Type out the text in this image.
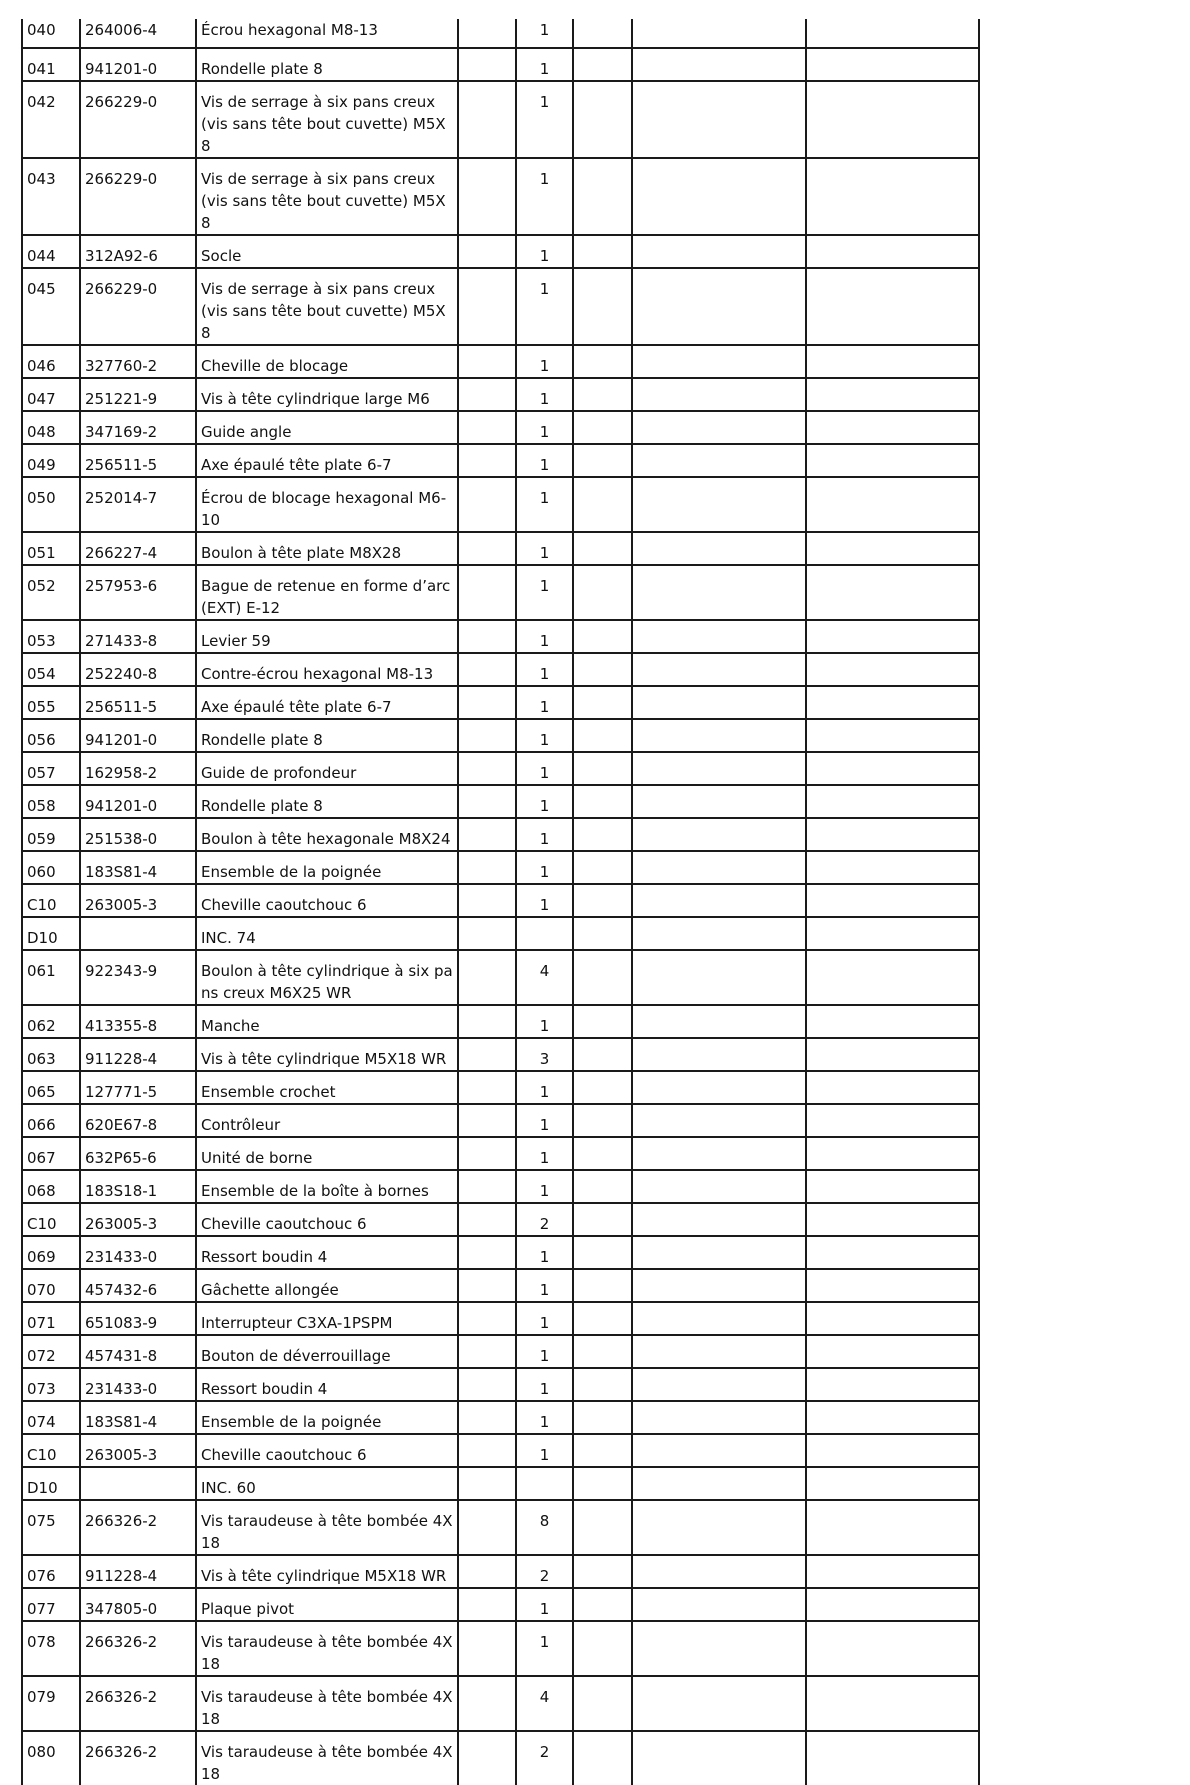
040	264006-4	Écrou hexagonal M8-13		1			
041	941201-0	Rondelle plate 8		1			
042	266229-0	Vis de serrage à six pans creux (vis sans tête bout cuvette) M5X8		1			
043	266229-0	Vis de serrage à six pans creux (vis sans tête bout cuvette) M5X8		1			
044	312A92-6	Socle		1			
045	266229-0	Vis de serrage à six pans creux (vis sans tête bout cuvette) M5X8		1			
046	327760-2	Cheville de blocage		1			
047	251221-9	Vis à tête cylindrique large M6		1			
048	347169-2	Guide angle		1			
049	256511-5	Axe épaulé tête plate 6-7		1			
050	252014-7	Écrou de blocage hexagonal M6-10		1			
051	266227-4	Boulon à tête plate M8X28		1			
052	257953-6	Bague de retenue en forme d’arc (EXT) E-12		1			
053	271433-8	Levier 59		1			
054	252240-8	Contre-écrou hexagonal M8-13		1			
055	256511-5	Axe épaulé tête plate 6-7		1			
056	941201-0	Rondelle plate 8		1			
057	162958-2	Guide de profondeur		1			
058	941201-0	Rondelle plate 8		1			
059	251538-0	Boulon à tête hexagonale M8X24		1			
060	183S81-4	Ensemble de la poignée		1			
C10	263005-3	Cheville caoutchouc 6		1			
D10		INC. 74					
061	922343-9	Boulon à tête cylindrique à six pans creux M6X25 WR		4			
062	413355-8	Manche		1			
063	911228-4	Vis à tête cylindrique M5X18 WR		3			
065	127771-5	Ensemble crochet		1			
066	620E67-8	Contrôleur		1			
067	632P65-6	Unité de borne		1			
068	183S18-1	Ensemble de la boîte à bornes		1			
C10	263005-3	Cheville caoutchouc 6		2			
069	231433-0	Ressort boudin 4		1			
070	457432-6	Gâchette allongée		1			
071	651083-9	Interrupteur C3XA-1PSPM		1			
072	457431-8	Bouton de déverrouillage		1			
073	231433-0	Ressort boudin 4		1			
074	183S81-4	Ensemble de la poignée		1			
C10	263005-3	Cheville caoutchouc 6		1			
D10		INC. 60					
075	266326-2	Vis taraudeuse à tête bombée 4X18		8			
076	911228-4	Vis à tête cylindrique M5X18 WR		2			
077	347805-0	Plaque pivot		1			
078	266326-2	Vis taraudeuse à tête bombée 4X18		1			
079	266326-2	Vis taraudeuse à tête bombée 4X18		4			
080	266326-2	Vis taraudeuse à tête bombée 4X18		2			
